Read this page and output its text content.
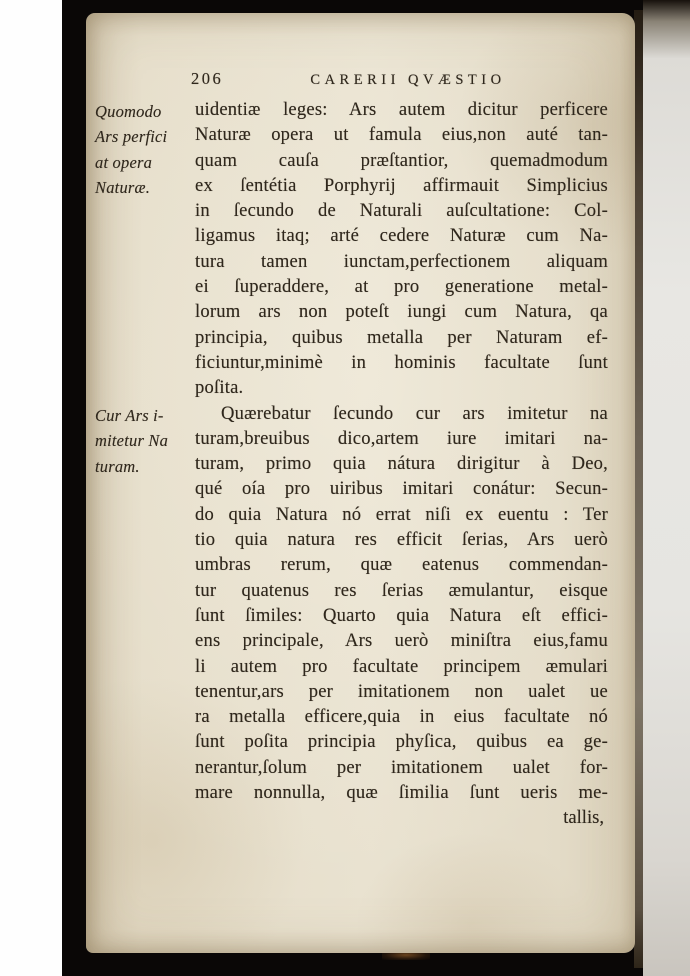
206	CARERII QVÆSTIO
Quomodo
Ars perfici
at opera
Naturæ.
Cur Ars i-
mitetur Na
turam.
uidentiæ leges: Ars autem dicitur perficere
Naturæ opera ut famula eius,non auté tan-
quam cauſa præſtantior, quemadmodum
ex ſentétia Porphyrij affirmauit Simplicius
in ſecundo de Naturali auſcultatione: Col-
ligamus itaq; arté cedere Naturæ cum Na-
tura tamen iunctam,perfectionem aliquam
ei ſuperaddere, at pro generatione metal-
lorum ars non poteſt iungi cum Natura, qa
principia, quibus metalla per Naturam ef-
ficiuntur,minimè in hominis facultate ſunt
poſita.
Quærebatur ſecundo cur ars imitetur na
turam,breuibus dico,artem iure imitari na-
turam, primo quia nátura dirigitur à Deo,
qué oía pro uiribus imitari conátur: Secun-
do quia Natura nó errat niſi ex euentu : Ter
tio quia natura res efficit ſerias, Ars uerò
umbras rerum, quæ eatenus commendan-
tur quatenus res ſerias æmulantur, eisque
ſunt ſimiles: Quarto quia Natura eſt effici-
ens principale, Ars uerò miniſtra eius,famu
li autem pro facultate principem æmulari
tenentur,ars per imitationem non ualet ue
ra metalla efficere,quia in eius facultate nó
ſunt poſita principia phyſica, quibus ea ge-
nerantur,ſolum per imitationem ualet for-
mare nonnulla, quæ ſimilia ſunt ueris me-
tallis,
